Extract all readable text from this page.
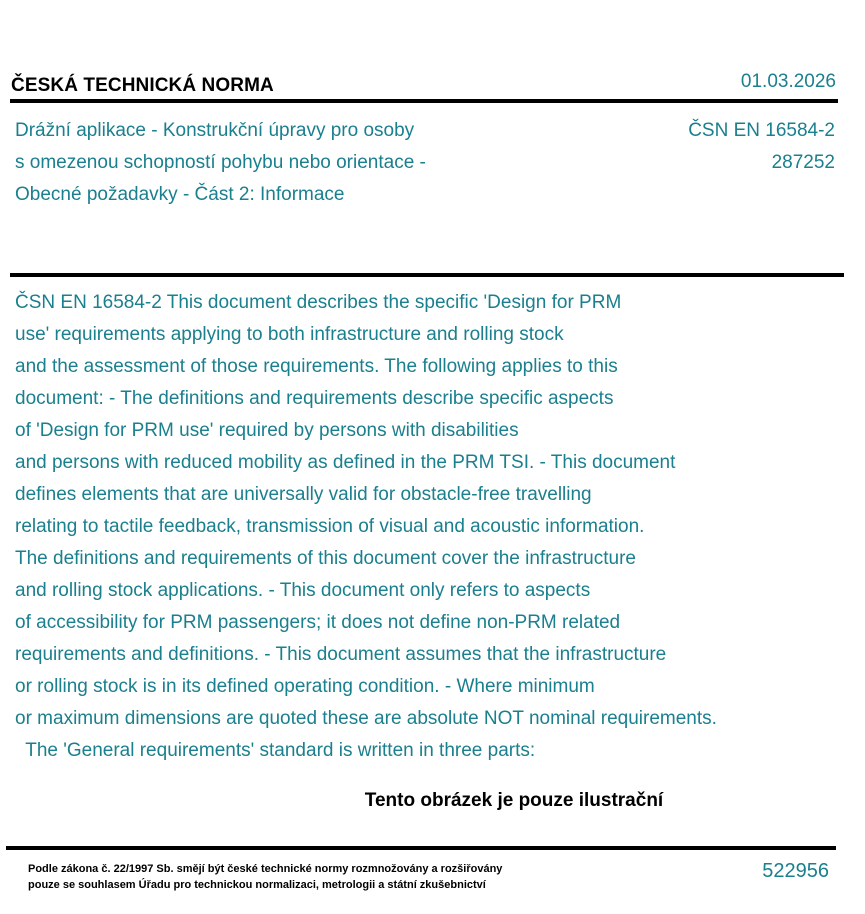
ČESKÁ TECHNICKÁ NORMA	01.03.2026
Drážní aplikace - Konstrukční úpravy pro osoby
s omezenou schopností pohybu nebo orientace -
Obecné požadavky - Část 2: Informace
ČSN EN 16584-2
287252
ČSN EN 16584-2 This document describes the specific 'Design for PRM
use' requirements applying to both infrastructure and rolling stock
and the assessment of those requirements. The following applies to this
document: - The definitions and requirements describe specific aspects
of 'Design for PRM use' required by persons with disabilities
and persons with reduced mobility as defined in the PRM TSI. - This document
defines elements that are universally valid for obstacle-free travelling
relating to tactile feedback, transmission of visual and acoustic information.
The definitions and requirements of this document cover the infrastructure
and rolling stock applications. - This document only refers to aspects
of accessibility for PRM passengers; it does not define non-PRM related
requirements and definitions. - This document assumes that the infrastructure
or rolling stock is in its defined operating condition. - Where minimum
or maximum dimensions are quoted these are absolute NOT nominal requirements.
The 'General requirements' standard is written in three parts:
Tento obrázek je pouze ilustrační
Podle zákona č. 22/1997 Sb. smějí být české technické normy rozmnožovány a rozšiřovány
pouze se souhlasem Úřadu pro technickou normalizaci, metrologii a státní zkušebnictví
522956
